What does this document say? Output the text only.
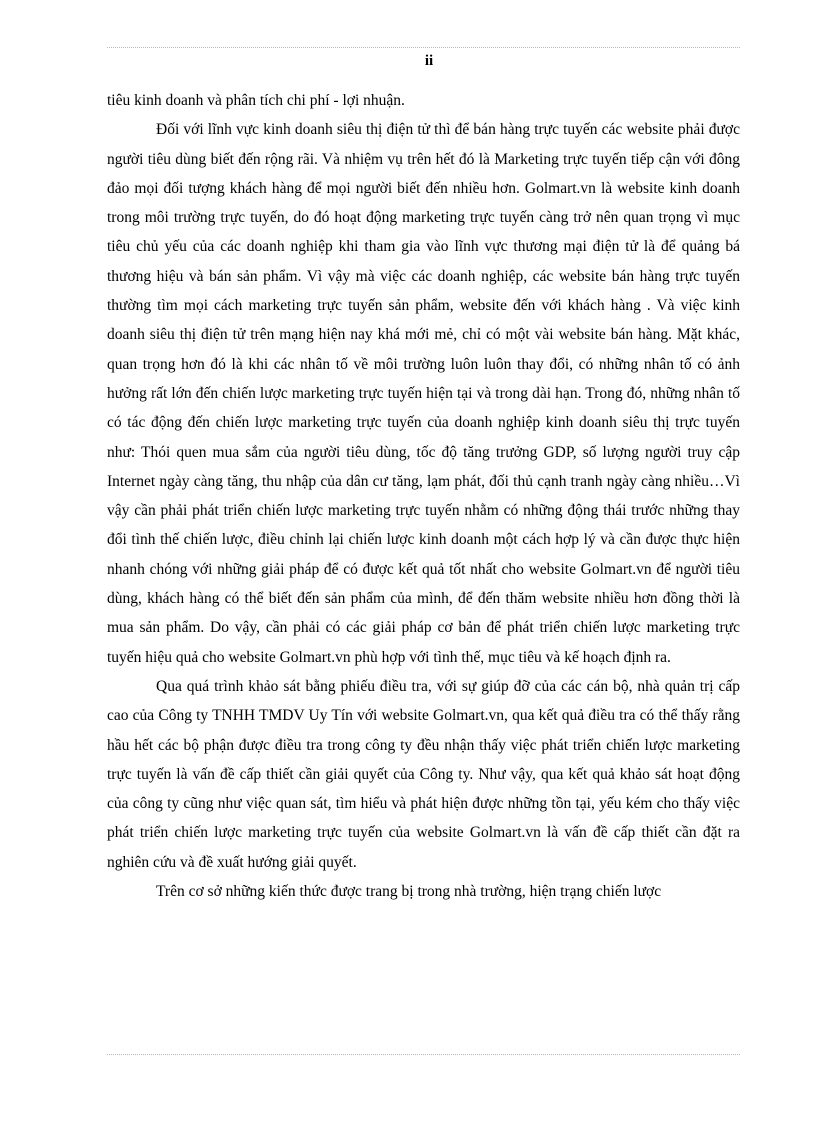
ii

tiêu kinh doanh và phân tích chi phí - lợi nhuận.

Đối với lĩnh vực kinh doanh siêu thị điện tử thì để bán hàng trực tuyến các website phải được người tiêu dùng biết đến rộng rãi. Và nhiệm vụ trên hết đó là Marketing trực tuyến tiếp cận với đông đảo mọi đối tượng khách hàng để mọi người biết đến nhiều hơn. Golmart.vn là website kinh doanh trong môi trường trực tuyến, do đó hoạt động marketing trực tuyến càng trở nên quan trọng vì mục tiêu chủ yếu của các doanh nghiệp khi tham gia vào lĩnh vực thương mại điện tử là để quảng bá thương hiệu và bán sản phẩm. Vì vậy mà việc các doanh nghiệp, các website bán hàng trực tuyến thường tìm mọi cách marketing trực tuyến sản phẩm, website đến với khách hàng . Và việc kinh doanh siêu thị điện tử trên mạng hiện nay khá mới mẻ, chỉ có một vài website bán hàng. Mặt khác, quan trọng hơn đó là khi các nhân tố về môi trường luôn luôn thay đổi, có những nhân tố có ảnh hưởng rất lớn đến chiến lược marketing trực tuyến hiện tại và trong dài hạn. Trong đó, những nhân tố có tác động đến chiến lược marketing trực tuyến của doanh nghiệp kinh doanh siêu thị trực tuyến như: Thói quen mua sắm của người tiêu dùng, tốc độ tăng trưởng GDP, số lượng người truy cập Internet ngày càng tăng, thu nhập của dân cư tăng, lạm phát, đối thủ cạnh tranh ngày càng nhiều…Vì vậy cần phải phát triển chiến lược marketing trực tuyến nhằm có những động thái trước những thay đổi tình thế chiến lược, điều chỉnh lại chiến lược kinh doanh một cách hợp lý và cần được thực hiện nhanh chóng với những giải pháp để có được kết quả tốt nhất cho website Golmart.vn để người tiêu dùng, khách hàng có thể biết đến sản phẩm của mình, để đến thăm website nhiều hơn đồng thời là mua sản phẩm. Do vậy, cần phải có các giải pháp cơ bản để phát triển chiến lược marketing trực tuyến hiệu quả cho website Golmart.vn phù hợp với tình thế, mục tiêu và kế hoạch định ra.

Qua quá trình khảo sát bằng phiếu điều tra, với sự giúp đỡ của các cán bộ, nhà quản trị cấp cao của Công ty TNHH TMDV Uy Tín với website Golmart.vn, qua kết quả điều tra có thể thấy rằng hầu hết các bộ phận được điều tra trong công ty đều nhận thấy việc phát triển chiến lược marketing trực tuyến là vấn đề cấp thiết cần giải quyết của Công ty. Như vậy, qua kết quả khảo sát hoạt động của công ty cũng như việc quan sát, tìm hiểu và phát hiện được những tồn tại, yếu kém cho thấy việc phát triển chiến lược marketing trực tuyến của website Golmart.vn là vấn đề cấp thiết cần đặt ra nghiên cứu và đề xuất hướng giải quyết.

Trên cơ sở những kiến thức được trang bị trong nhà trường, hiện trạng chiến lược
